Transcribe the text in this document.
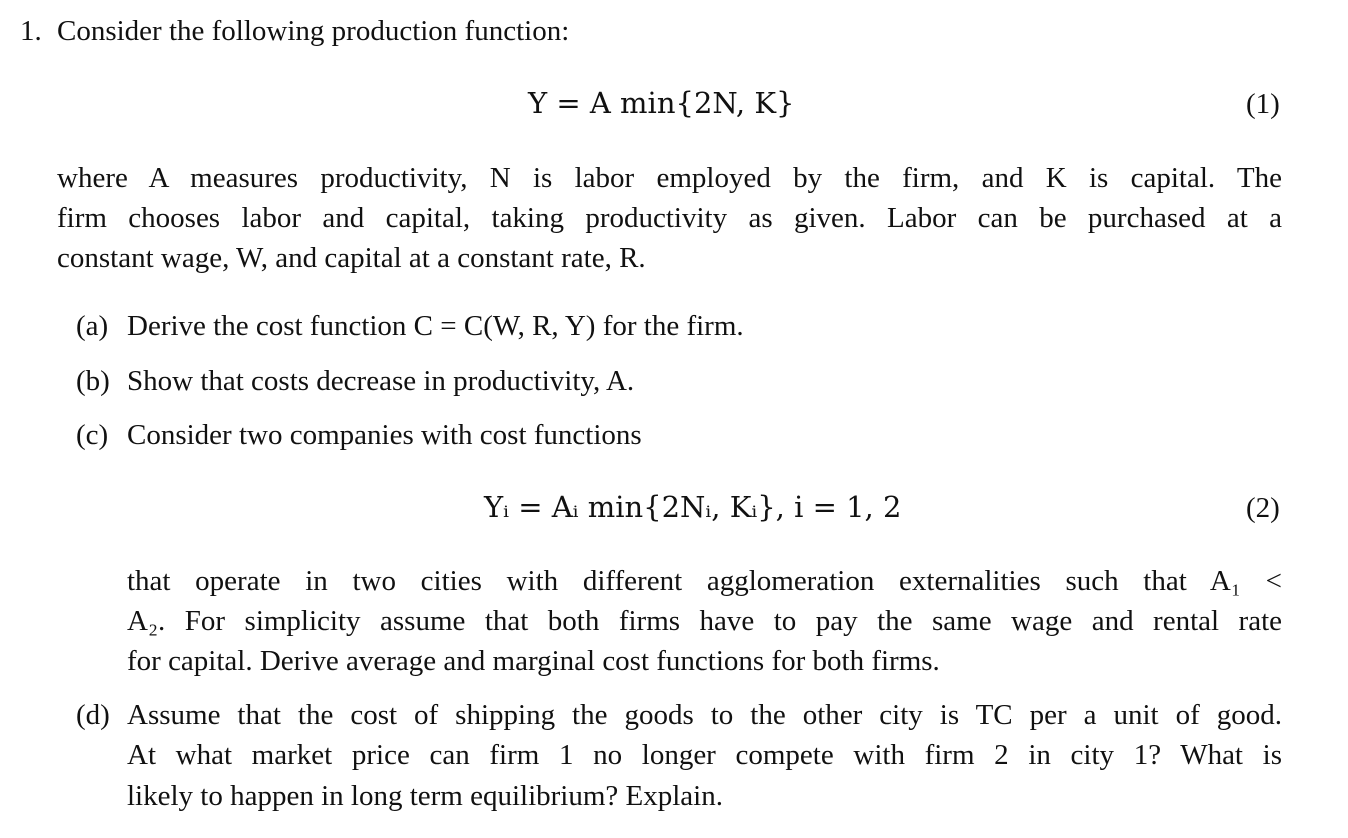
1. Consider the following production function:
Y = A min{2N, K}	(1)
where A measures productivity, N is labor employed by the firm, and K is capital. The
firm chooses labor and capital, taking productivity as given. Labor can be purchased at a
constant wage, W, and capital at a constant rate, R.
(a) Derive the cost function C = C(W, R, Y) for the firm.
(b) Show that costs decrease in productivity, A.
(c) Consider two companies with cost functions
Yᵢ = Aᵢ min{2Nᵢ, Kᵢ}, i = 1, 2	(2)
that operate in two cities with different agglomeration externalities such that A₁ <
A₂. For simplicity assume that both firms have to pay the same wage and rental rate
for capital. Derive average and marginal cost functions for both firms.
(d) Assume that the cost of shipping the goods to the other city is TC per a unit of good.
At what market price can firm 1 no longer compete with firm 2 in city 1? What is
likely to happen in long term equilibrium? Explain.
